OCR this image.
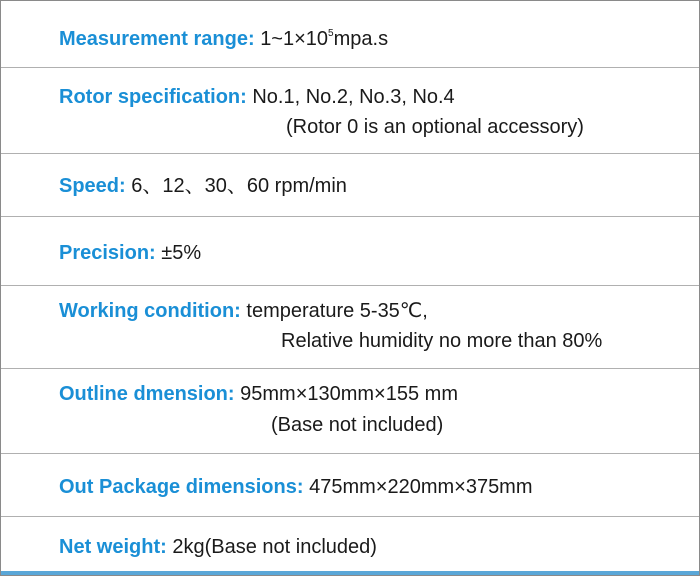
Measurement range: $1\sim 1\times 10^5mpa.s$
Rotor specification: No.1, No.2, No.3, No.4
(Rotor 0 is an optional accessory)
Speed: 6、12、30、60 rpm/min
Precision: ±5%
Working condition: temperature 5-35℃,
Relative humidity no more than 80%
Outline dmension: 95mm×130mm×155 mm
(Base not included)
Out Package dimensions: 475mm×220mm×375mm
Net weight: 2kg(Base not included)
